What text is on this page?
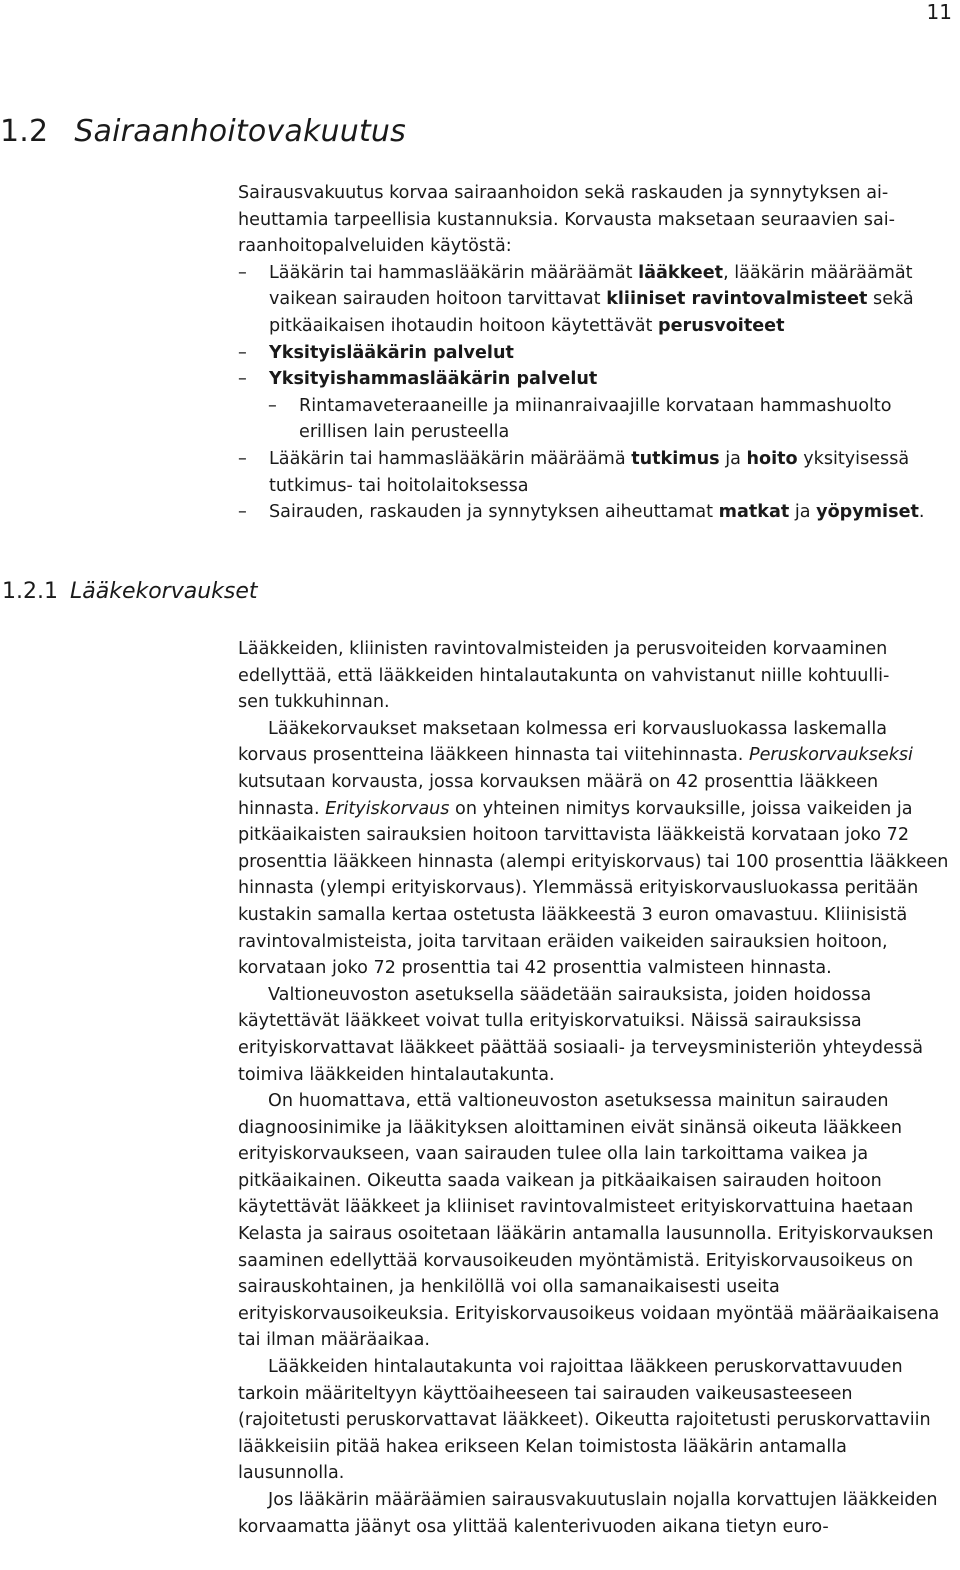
11
1.2 Sairaanhoitovakuutus

Sairausvakuutus korvaa sairaanhoidon sekä raskauden ja synnytyksen ai-
heuttamia tarpeellisia kustannuksia. Korvausta maksetaan seuraavien sai-
raanhoitopalveluiden käytöstä:

– Lääkärin tai hammaslääkärin määräämät lääkkeet, lääkärin määräämät vaikean sairauden hoitoon tarvittavat kliiniset ravintovalmisteet sekä pitkäaikaisen ihotaudin hoitoon käytettävät perusvoiteet

– Yksityislääkärin palvelut

– Yksityishammaslääkärin palvelut

– Rintamaveteraaneille ja miinanraivaajille korvataan hammashuolto erillisen lain perusteella

– Lääkärin tai hammaslääkärin määräämä tutkimus ja hoito yksityisessä tutkimus- tai hoitolaitoksessa

– Sairauden, raskauden ja synnytyksen aiheuttamat matkat ja yöpymiset.

1.2.1 Lääkekorvaukset

Lääkkeiden, kliinisten ravintovalmisteiden ja perusvoiteiden korvaaminen
edellyttää, että lääkkeiden hintalautakunta on vahvistanut niille kohtuulli-
sen tukkuhinnan.

Lääkekorvaukset maksetaan kolmessa eri korvausluokassa laskemalla korvaus prosentteina lääkkeen hinnasta tai viitehinnasta. Peruskorvaukseksi kutsutaan korvausta, jossa korvauksen määrä on 42 prosenttia lääkkeen hinnasta. Erityiskorvaus on yhteinen nimitys korvauksille, joissa vaikeiden ja pitkäaikaisten sairauksien hoitoon tarvittavista lääkkeistä korvataan joko 72 prosenttia lääkkeen hinnasta (alempi erityiskorvaus) tai 100 prosenttia lääkkeen hinnasta (ylempi erityiskorvaus). Ylemmässä erityiskorvausluokassa peritään kustakin samalla kertaa ostetusta lääkkeestä 3 euron omavastuu. Kliinisistä ravintovalmisteista, joita tarvitaan eräiden vaikeiden sairauksien hoitoon, korvataan joko 72 prosenttia tai 42 prosenttia valmisteen hinnasta.

Valtioneuvoston asetuksella säädetään sairauksista, joiden hoidossa käytettävät lääkkeet voivat tulla erityiskorvatuiksi. Näissä sairauksissa erityiskorvattavat lääkkeet päättää sosiaali- ja terveysministeriön yhteydessä toimiva lääkkeiden hintalautakunta.

On huomattava, että valtioneuvoston asetuksessa mainitun sairauden diagnoosinimike ja lääkityksen aloittaminen eivät sinänsä oikeuta lääkkeen erityiskorvaukseen, vaan sairauden tulee olla lain tarkoittama vaikea ja pitkäaikainen. Oikeutta saada vaikean ja pitkäaikaisen sairauden hoitoon käytettävät lääkkeet ja kliiniset ravintovalmisteet erityiskorvattuina haetaan Kelasta ja sairaus osoitetaan lääkärin antamalla lausunnolla. Erityiskorvauksen saaminen edellyttää korvausoikeuden myöntämistä. Erityiskorvausoikeus on sairauskohtainen, ja henkilöllä voi olla samanaikaisesti useita erityiskorvausoikeuksia. Erityiskorvausoikeus voidaan myöntää määräaikaisena tai ilman määräaikaa.

Lääkkeiden hintalautakunta voi rajoittaa lääkkeen peruskorvattavuuden tarkoin määriteltyyn käyttöaiheeseen tai sairauden vaikeusasteeseen (rajoitetusti peruskorvattavat lääkkeet). Oikeutta rajoitetusti peruskorvattaviin lääkkeisiin pitää hakea erikseen Kelan toimistosta lääkärin antamalla lausunnolla.

Jos lääkärin määräämien sairausvakuutuslain nojalla korvattujen lääkkeiden korvaamatta jäänyt osa ylittää kalenterivuoden aikana tietyn euro-
